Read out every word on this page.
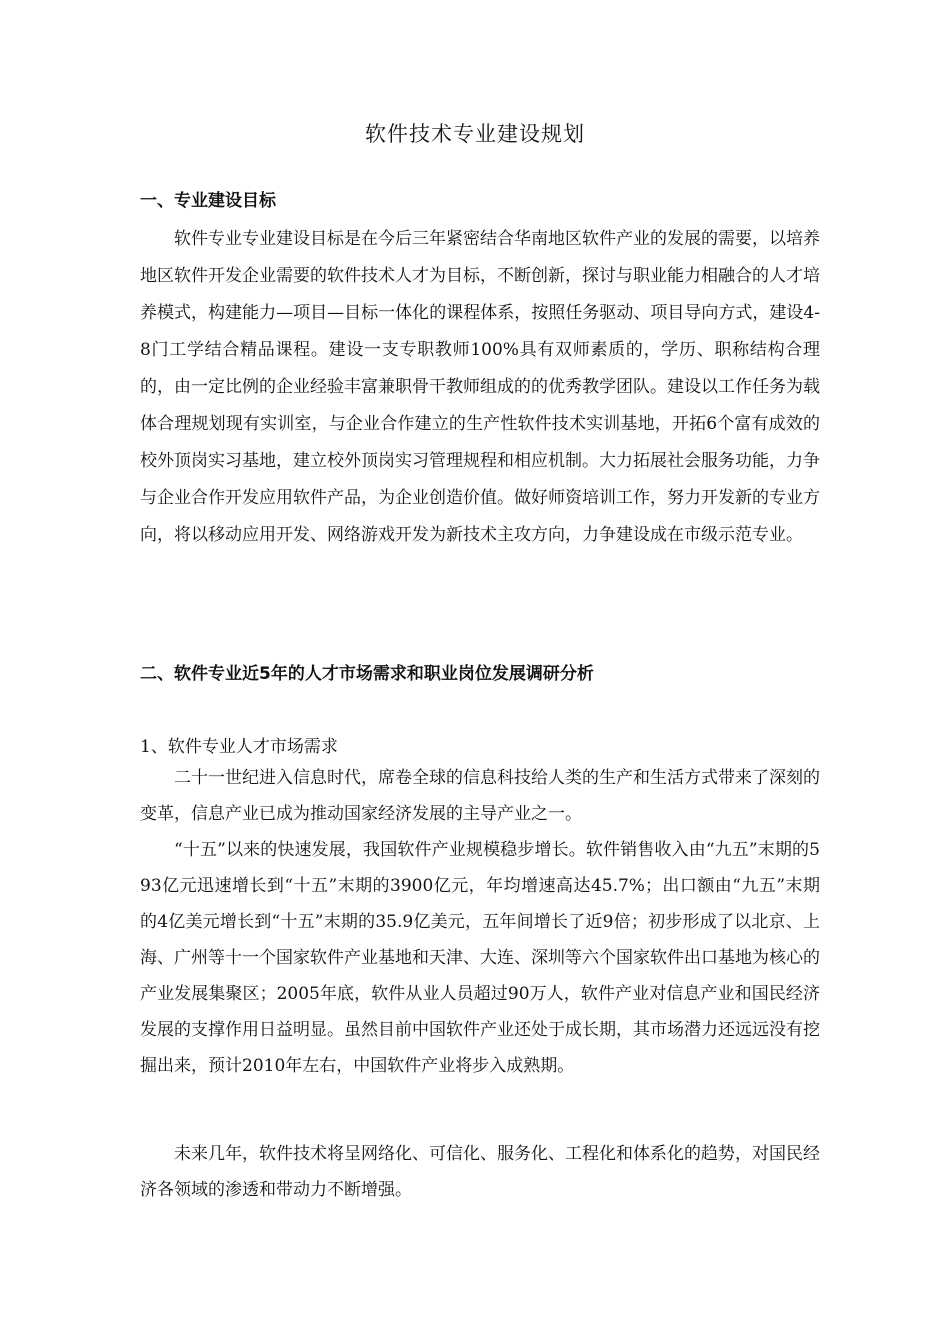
软件技术专业建设规划
一、专业建设目标
软件专业专业建设目标是在今后三年紧密结合华南地区软件产业的发展的需要，以培养地区软件开发企业需要的软件技术人才为目标，不断创新，探讨与职业能力相融合的人才培养模式，构建能力—项目—目标一体化的课程体系，按照任务驱动、项目导向方式，建设4-8门工学结合精品课程。建设一支专职教师100%具有双师素质的，学历、职称结构合理的，由一定比例的企业经验丰富兼职骨干教师组成的的优秀教学团队。建设以工作任务为载体合理规划现有实训室，与企业合作建立的生产性软件技术实训基地，开拓6个富有成效的校外顶岗实习基地，建立校外顶岗实习管理规程和相应机制。大力拓展社会服务功能，力争与企业合作开发应用软件产品，为企业创造价值。做好师资培训工作，努力开发新的专业方向，将以移动应用开发、网络游戏开发为新技术主攻方向，力争建设成在市级示范专业。
二、软件专业近5年的人才市场需求和职业岗位发展调研分析
1、软件专业人才市场需求
二十一世纪进入信息时代，席卷全球的信息科技给人类的生产和生活方式带来了深刻的变革，信息产业已成为推动国家经济发展的主导产业之一。
“十五”以来的快速发展，我国软件产业规模稳步增长。软件销售收入由“九五”末期的593亿元迅速增长到“十五”末期的3900亿元，年均增速高达45.7%；出口额由“九五”末期的4亿美元增长到“十五”末期的35.9亿美元，五年间增长了近9倍；初步形成了以北京、上海、广州等十一个国家软件产业基地和天津、大连、深圳等六个国家软件出口基地为核心的产业发展集聚区；2005年底，软件从业人员超过90万人，软件产业对信息产业和国民经济发展的支撑作用日益明显。虽然目前中国软件产业还处于成长期，其市场潜力还远远没有挖掘出来，预计2010年左右，中国软件产业将步入成熟期。
未来几年，软件技术将呈网络化、可信化、服务化、工程化和体系化的趋势，对国民经济各领域的渗透和带动力不断增强。
